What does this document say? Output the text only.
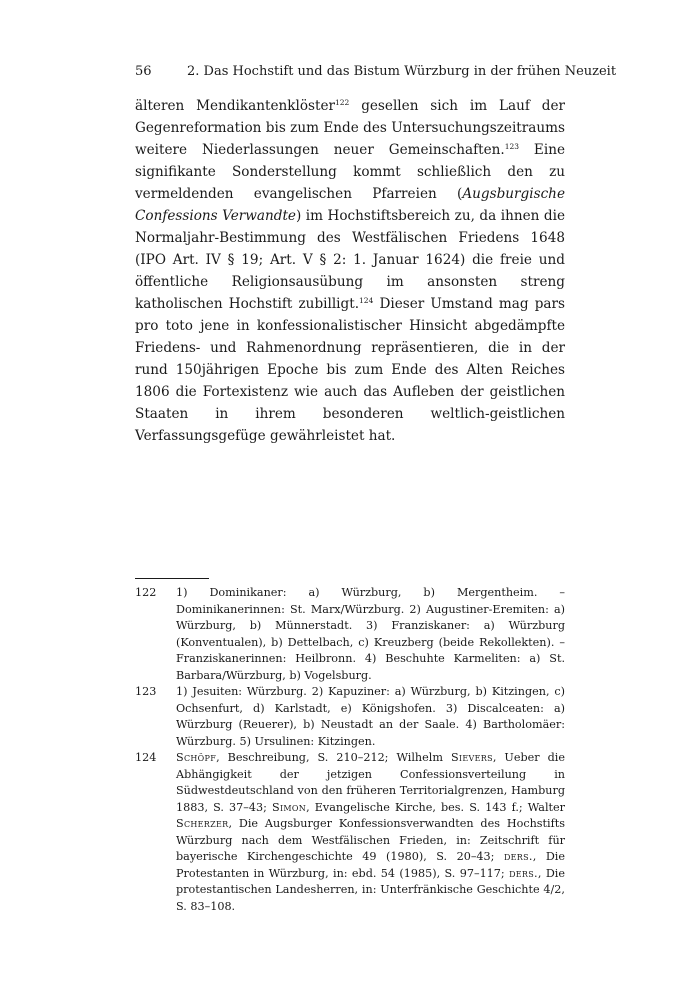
56	2. Das Hochstift und das Bistum Würzburg in der frühen Neuzeit

älteren Mendikantenklöster$^{122}$ gesellen sich im Lauf der Gegenreformation bis zum Ende des Untersuchungszeitraums weitere Niederlassungen neuer Gemeinschaften.$^{123}$ Eine signifikante Sonderstellung kommt schließlich den zu vermeldenden evangelischen Pfarreien (Augsburgische Confessions Verwandte) im Hochstiftsbereich zu, da ihnen die Normaljahr-Bestimmung des Westfälischen Friedens 1648 (IPO Art. IV § 19; Art. V § 2: 1. Januar 1624) die freie und öffentliche Religionsausübung im ansonsten streng katholischen Hochstift zubilligt.$^{124}$ Dieser Umstand mag pars pro toto jene in konfessionalistischer Hinsicht abgedämpfte Friedens- und Rahmenordnung repräsentieren, die in der rund 150jährigen Epoche bis zum Ende des Alten Reiches 1806 die Fortexistenz wie auch das Aufleben der geistlichen Staaten in ihrem besonderen weltlich-geistlichen Verfassungsgefüge gewährleistet hat.

122	1) Dominikaner: a) Würzburg, b) Mergentheim. – Dominikanerinnen: St. Marx/Würzburg. 2) Augustiner-Eremiten: a) Würzburg, b) Münnerstadt. 3) Franziskaner: a) Würzburg (Konventualen), b) Dettelbach, c) Kreuzberg (beide Rekollekten). – Franziskanerinnen: Heilbronn. 4) Beschuhte Karmeliten: a) St. Barbara/Würzburg, b) Vogelsburg.
123	1) Jesuiten: Würzburg. 2) Kapuziner: a) Würzburg, b) Kitzingen, c) Ochsenfurt, d) Karlstadt, e) Königshofen. 3) Discalceaten: a) Würzburg (Reuerer), b) Neustadt an der Saale. 4) Bartholomäer: Würzburg. 5) Ursulinen: Kitzingen.
124	Schöpf, Beschreibung, S. 210–212; Wilhelm Sievers, Ueber die Abhängigkeit der jetzigen Confessionsverteilung in Südwestdeutschland von den früheren Territorialgrenzen, Hamburg 1883, S. 37–43; Simon, Evangelische Kirche, bes. S. 143 f.; Walter Scherzer, Die Augsburger Konfessionsverwandten des Hochstifts Würzburg nach dem Westfälischen Frieden, in: Zeitschrift für bayerische Kirchengeschichte 49 (1980), S. 20–43; ders., Die Protestanten in Würzburg, in: ebd. 54 (1985), S. 97–117; ders., Die protestantischen Landesherren, in: Unterfränkische Geschichte 4/2, S. 83–108.
